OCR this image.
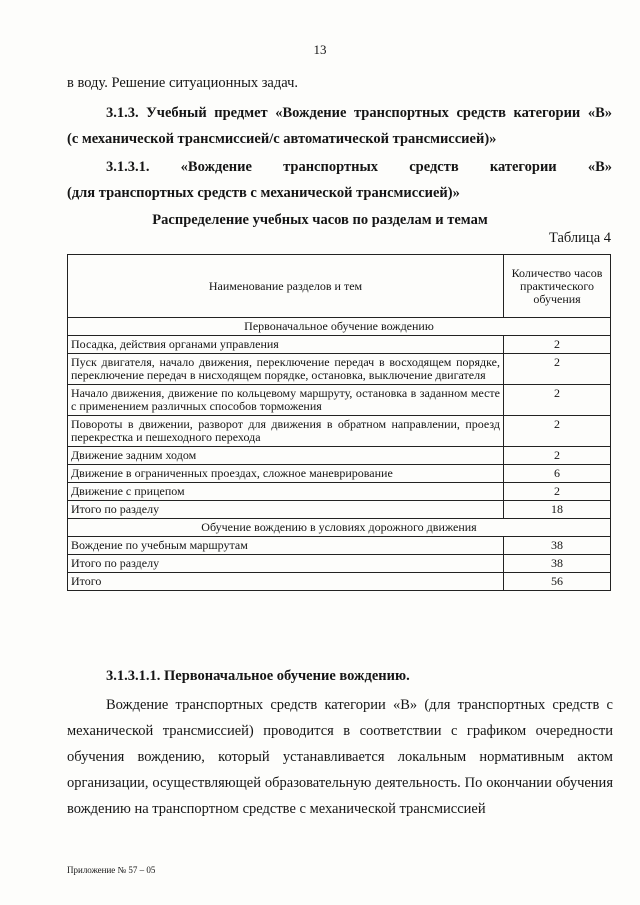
13
в воду. Решение ситуационных задач.
3.1.3. Учебный предмет «Вождение транспортных средств категории «В»
(с механической трансмиссией/с автоматической трансмиссией)»
3.1.3.1. «Вождение транспортных средств категории «В»
(для транспортных средств с механической трансмиссией)»
Распределение учебных часов по разделам и темам
Таблица 4
Наименование разделов и тем	Количество часов практического обучения
Первоначальное обучение вождению	
Посадка, действия органами управления	2
Пуск двигателя, начало движения, переключение передач в восходящем порядке, переключение передач в нисходящем порядке, остановка, выключение двигателя	2
Начало движения, движение по кольцевому маршруту, остановка в заданном месте с применением различных способов торможения	2
Повороты в движении, разворот для движения в обратном направлении, проезд перекрестка и пешеходного перехода	2
Движение задним ходом	2
Движение в ограниченных проездах, сложное маневрирование	6
Движение с прицепом	2
Итого по разделу	18
Обучение вождению в условиях дорожного движения	
Вождение по учебным маршрутам	38
Итого по разделу	38
Итого	56
3.1.3.1.1. Первоначальное обучение вождению.
Вождение транспортных средств категории «В» (для транспортных средств с механической трансмиссией) проводится в соответствии с графиком очередности обучения вождению, который устанавливается локальным нормативным актом организации, осуществляющей образовательную деятельность. По окончании обучения вождению на транспортном средстве с механической трансмиссией
Приложение № 57 – 05
